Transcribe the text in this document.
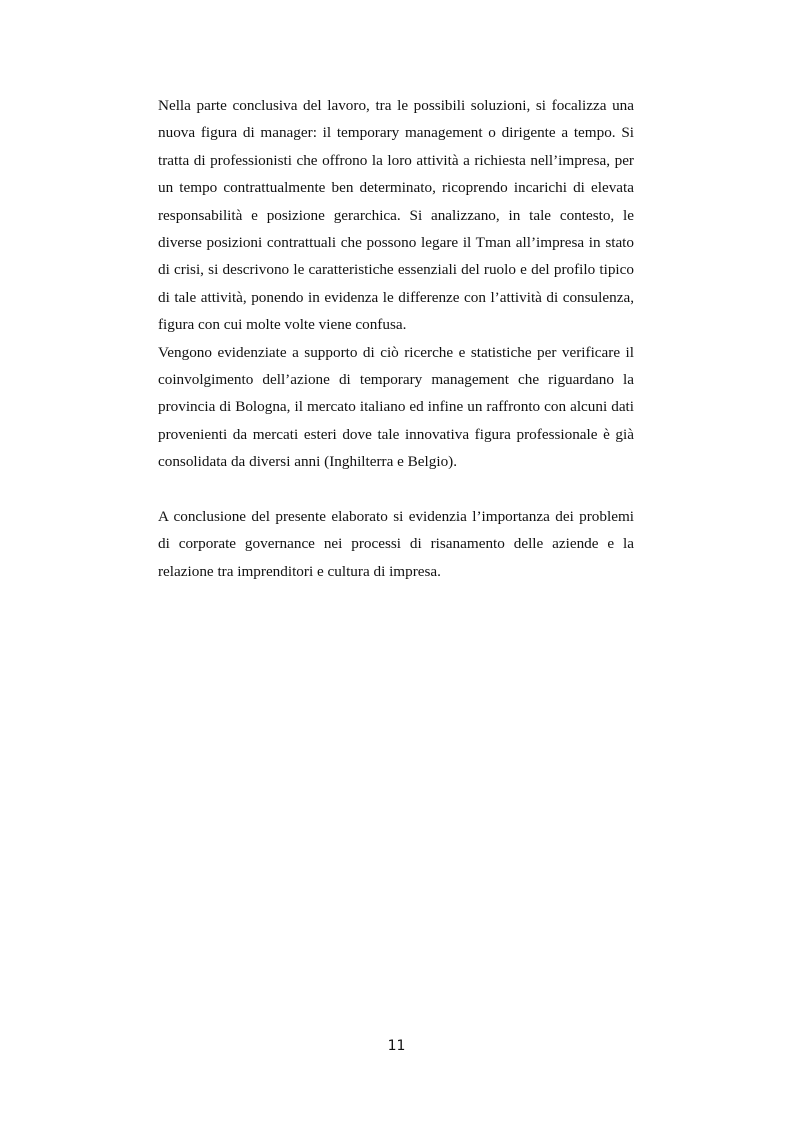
Nella parte conclusiva del lavoro, tra le possibili soluzioni, si focalizza una nuova figura di manager: il temporary management o dirigente a tempo. Si tratta di professionisti che offrono la loro attività a richiesta nell’impresa, per un tempo contrattualmente ben determinato, ricoprendo incarichi di elevata responsabilità e posizione gerarchica. Si analizzano, in tale contesto, le diverse posizioni contrattuali che possono legare il Tman all’impresa in stato di crisi, si descrivono le caratteristiche essenziali del ruolo e del profilo tipico di tale attività, ponendo in evidenza le differenze con l’attività di consulenza, figura con cui molte volte viene confusa.

Vengono evidenziate a supporto di ciò ricerche e statistiche per verificare il coinvolgimento dell’azione di temporary management che riguardano la provincia di Bologna, il mercato italiano ed infine un raffronto con alcuni dati provenienti da mercati esteri dove tale innovativa figura professionale è già consolidata da diversi anni (Inghilterra e Belgio).

A conclusione del presente elaborato si evidenzia l’importanza dei problemi di corporate governance nei processi di risanamento delle aziende e la relazione tra imprenditori e cultura di impresa.

11
